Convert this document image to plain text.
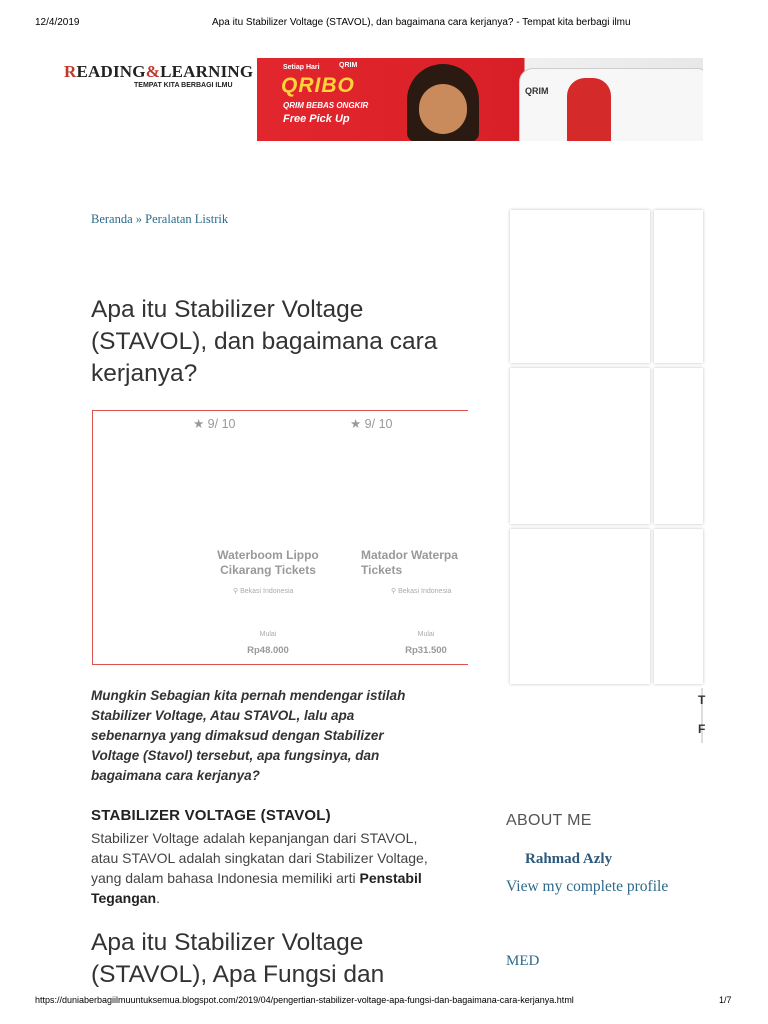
12/4/2019	Apa itu Stabilizer Voltage (STAVOL), dan bagaimana cara kerjanya? - Tempat kita berbagi ilmu
READING&LEARNING
TEMPAT KITA BERBAGI ILMU
Setiap Hari	QRIM
QRIBO
QRIM BEBAS ONGKIR
Free Pick Up
QRIM
Beranda » Peralatan Listrik
Apa itu Stabilizer Voltage (STAVOL), dan bagaimana cara kerjanya?
★ 9/ 10	★ 9/ 10
Waterboom Lippo Cikarang Tickets
Matador Waterpa Tickets
⚲ Bekasi Indonesia	⚲ Bekasi Indonesia
Mulai	Mulai
Rp48.000	Rp31.500
Mungkin Sebagian kita pernah mendengar istilah Stabilizer Voltage, Atau STAVOL, lalu apa sebenarnya yang dimaksud dengan Stabilizer Voltage (Stavol) tersebut, apa fungsinya, dan bagaimana cara kerjanya?
STABILIZER VOLTAGE (STAVOL)
Stabilizer Voltage adalah kepanjangan dari STAVOL, atau STAVOL adalah singkatan dari Stabilizer Voltage, yang dalam bahasa Indonesia memiliki arti Penstabil Tegangan.
Apa itu Stabilizer Voltage (STAVOL), Apa Fungsi dan
T
F
ABOUT ME
Rahmad Azly
View my complete profile
MED
https://duniaberbagiilmuuntuksemua.blogspot.com/2019/04/pengertian-stabilizer-voltage-apa-fungsi-dan-bagaimana-cara-kerjanya.html	1/7
